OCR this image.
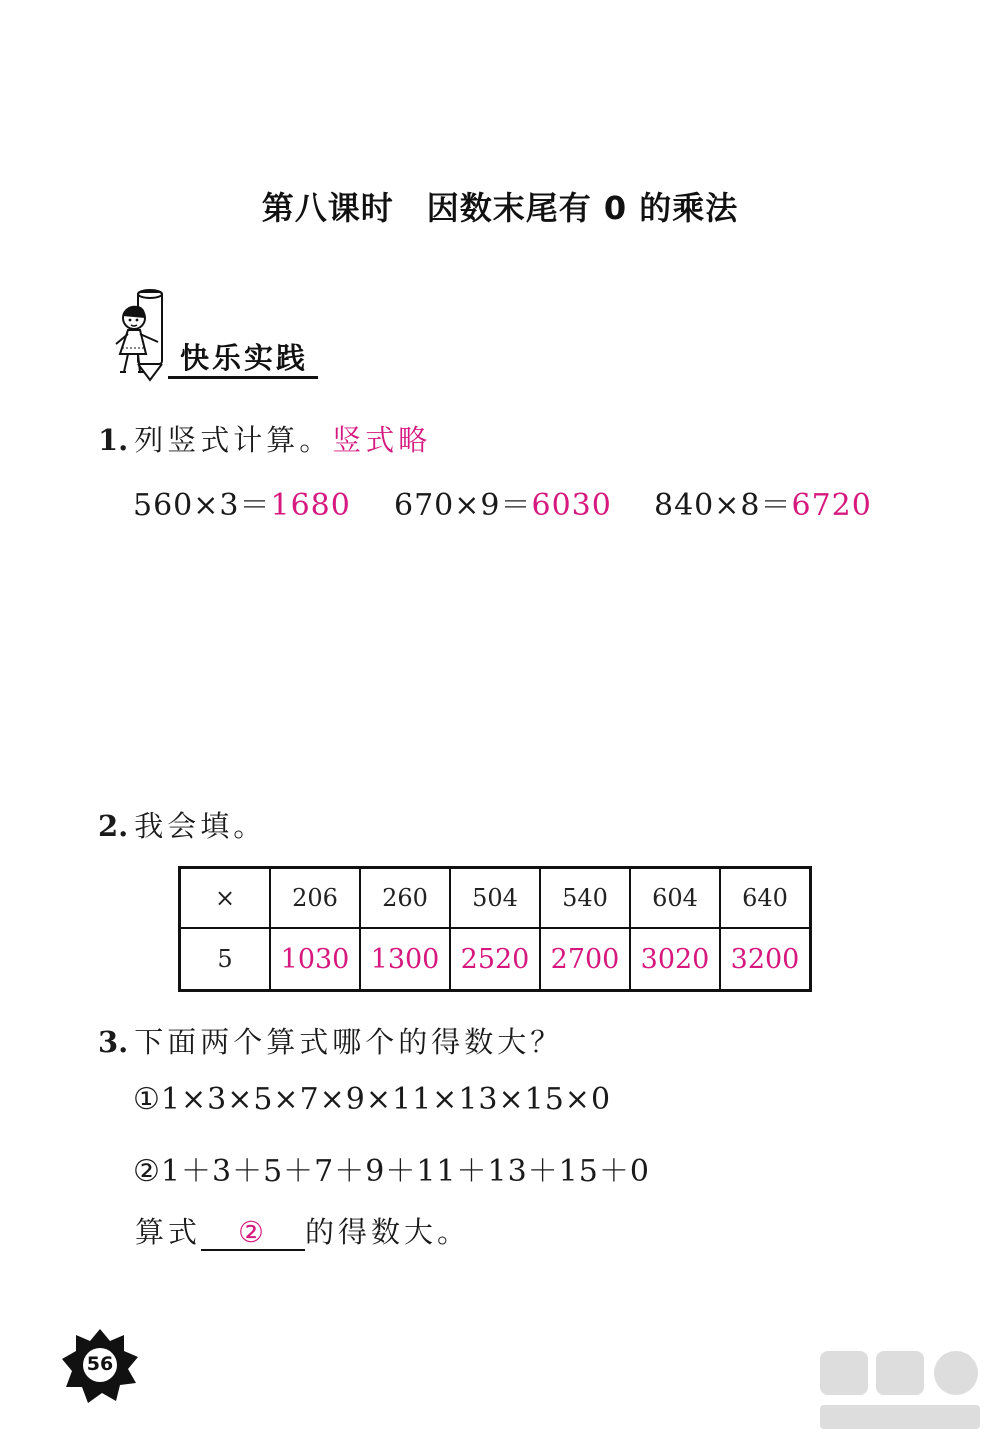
第八课时　因数末尾有 0 的乘法
快乐实践
1. 列竖式计算。竖式略
560×3＝1680 670×9＝6030 840×8＝6720
2. 我会填。
×	206	260	504	540	604	640
5	1030	1300	2520	2700	3020	3200
3. 下面两个算式哪个的得数大？
①1×3×5×7×9×11×13×15×0
②1＋3＋5＋7＋9＋11＋13＋15＋0
算式 ② 的得数大。
56
